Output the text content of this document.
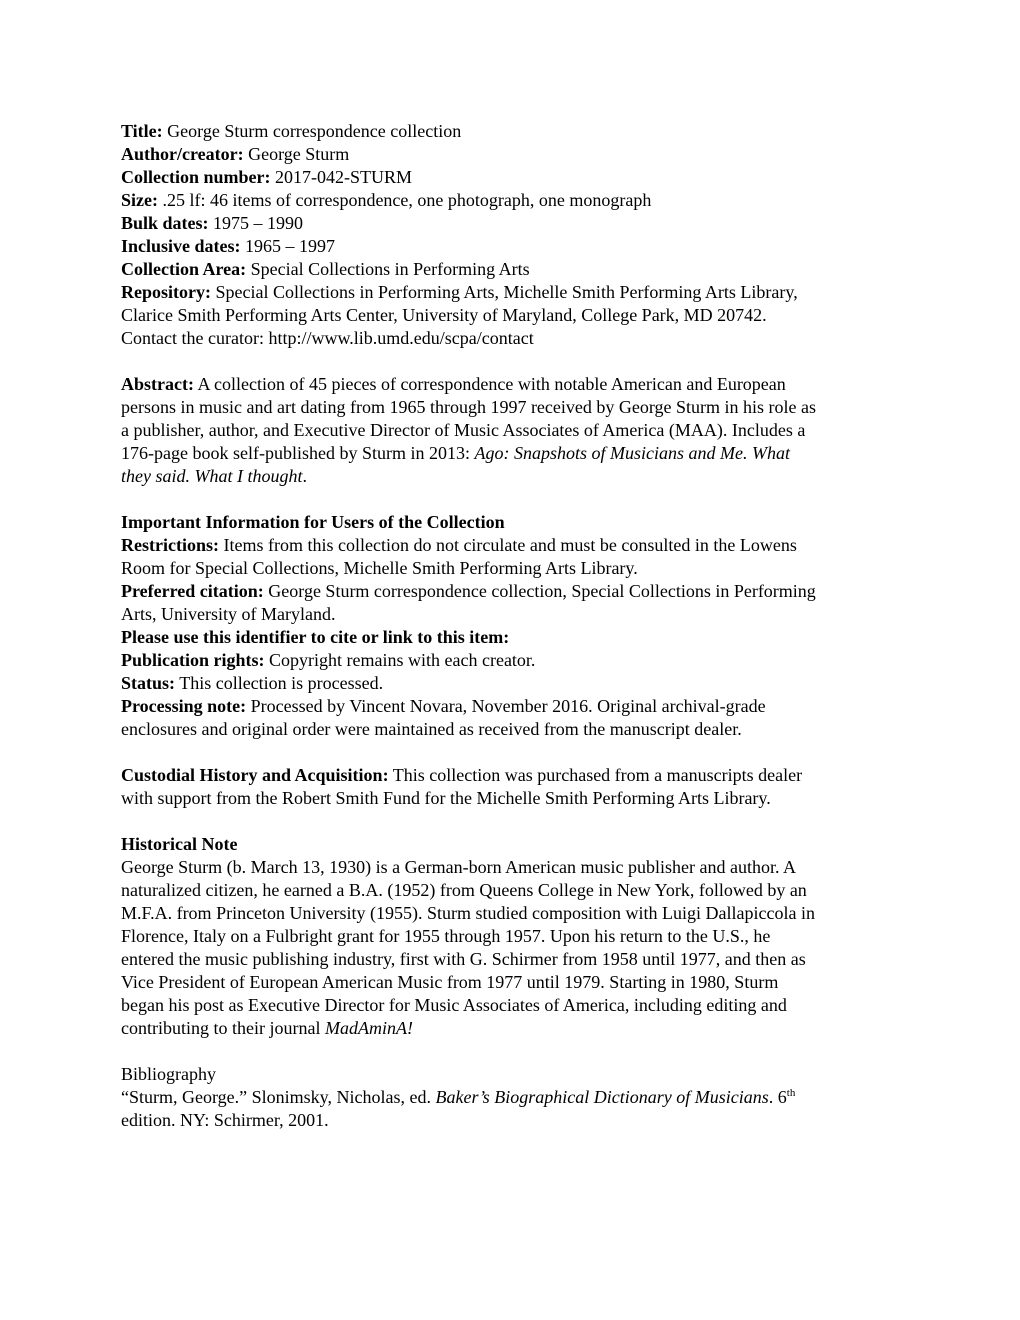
Title: George Sturm correspondence collection

Author/creator: George Sturm

Collection number: 2017-042-STURM

Size: .25 lf: 46 items of correspondence, one photograph, one monograph

Bulk dates: 1975 – 1990

Inclusive dates: 1965 – 1997

Collection Area: Special Collections in Performing Arts

Repository: Special Collections in Performing Arts, Michelle Smith Performing Arts Library,

Clarice Smith Performing Arts Center, University of Maryland, College Park, MD 20742.

Contact the curator: http://www.lib.umd.edu/scpa/contact

Abstract: A collection of 45 pieces of correspondence with notable American and European

persons in music and art dating from 1965 through 1997 received by George Sturm in his role as

a publisher, author, and Executive Director of Music Associates of America (MAA). Includes a

176-page book self-published by Sturm in 2013: Ago: Snapshots of Musicians and Me. What

they said. What I thought.

Important Information for Users of the Collection

Restrictions: Items from this collection do not circulate and must be consulted in the Lowens

Room for Special Collections, Michelle Smith Performing Arts Library.

Preferred citation: George Sturm correspondence collection, Special Collections in Performing

Arts, University of Maryland.

Please use this identifier to cite or link to this item:

Publication rights: Copyright remains with each creator.

Status: This collection is processed.

Processing note: Processed by Vincent Novara, November 2016. Original archival-grade

enclosures and original order were maintained as received from the manuscript dealer.

Custodial History and Acquisition: This collection was purchased from a manuscripts dealer

with support from the Robert Smith Fund for the Michelle Smith Performing Arts Library.

Historical Note

George Sturm (b. March 13, 1930) is a German-born American music publisher and author. A

naturalized citizen, he earned a B.A. (1952) from Queens College in New York, followed by an

M.F.A. from Princeton University (1955). Sturm studied composition with Luigi Dallapiccola in

Florence, Italy on a Fulbright grant for 1955 through 1957. Upon his return to the U.S., he

entered the music publishing industry, first with G. Schirmer from 1958 until 1977, and then as

Vice President of European American Music from 1977 until 1979. Starting in 1980, Sturm

began his post as Executive Director for Music Associates of America, including editing and

contributing to their journal MadAminA!

Bibliography

“Sturm, George.” Slonimsky, Nicholas, ed. Baker’s Biographical Dictionary of Musicians. 6th

edition. NY: Schirmer, 2001.
